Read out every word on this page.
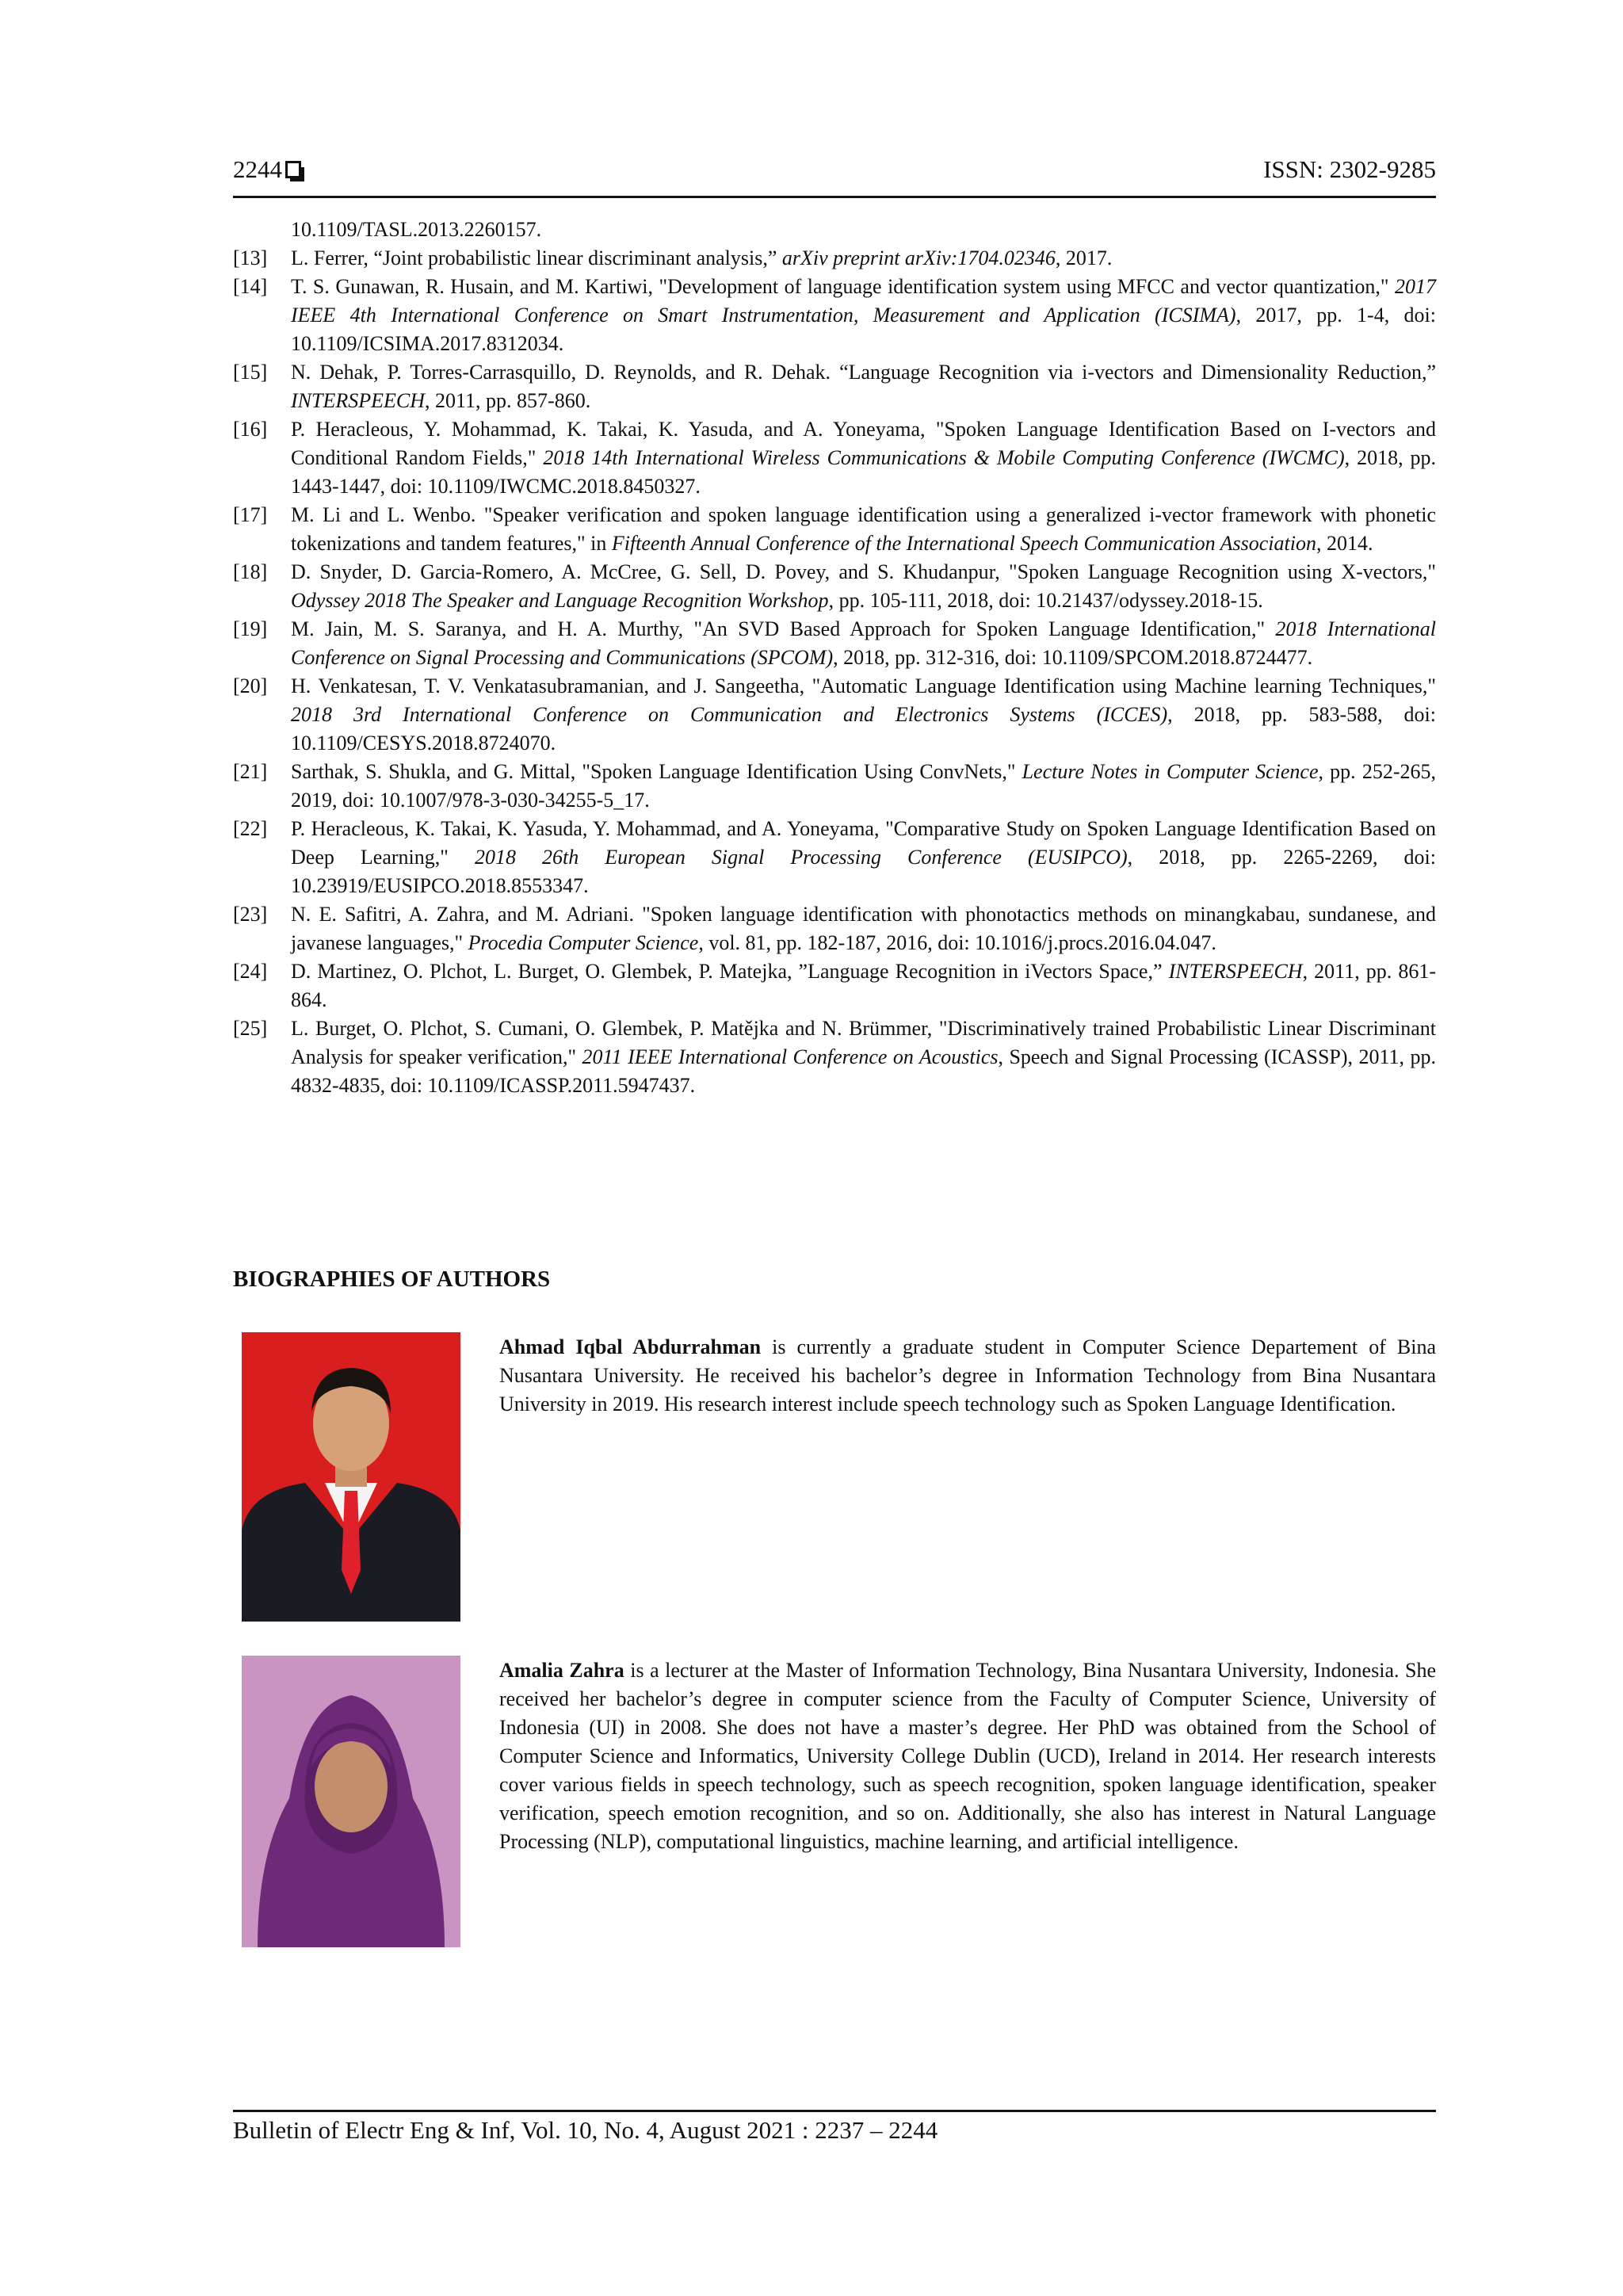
2244	ISSN: 2302-9285
10.1109/TASL.2013.2260157.
[13]	L. Ferrer, “Joint probabilistic linear discriminant analysis,” arXiv preprint arXiv:1704.02346, 2017.
[14]	T. S. Gunawan, R. Husain, and M. Kartiwi, "Development of language identification system using MFCC and vector quantization," 2017 IEEE 4th International Conference on Smart Instrumentation, Measurement and Application (ICSIMA), 2017, pp. 1-4, doi: 10.1109/ICSIMA.2017.8312034.
[15]	N. Dehak, P. Torres-Carrasquillo, D. Reynolds, and R. Dehak. “Language Recognition via i-vectors and Dimensionality Reduction,” INTERSPEECH, 2011, pp. 857-860.
[16]	P. Heracleous, Y. Mohammad, K. Takai, K. Yasuda, and A. Yoneyama, "Spoken Language Identification Based on I-vectors and Conditional Random Fields," 2018 14th International Wireless Communications & Mobile Computing Conference (IWCMC), 2018, pp. 1443-1447, doi: 10.1109/IWCMC.2018.8450327.
[17]	M. Li and L. Wenbo. "Speaker verification and spoken language identification using a generalized i-vector framework with phonetic tokenizations and tandem features," in Fifteenth Annual Conference of the International Speech Communication Association, 2014.
[18]	D. Snyder, D. Garcia-Romero, A. McCree, G. Sell, D. Povey, and S. Khudanpur, "Spoken Language Recognition using X-vectors," Odyssey 2018 The Speaker and Language Recognition Workshop, pp. 105-111, 2018, doi: 10.21437/odyssey.2018-15.
[19]	M. Jain, M. S. Saranya, and H. A. Murthy, "An SVD Based Approach for Spoken Language Identification," 2018 International Conference on Signal Processing and Communications (SPCOM), 2018, pp. 312-316, doi: 10.1109/SPCOM.2018.8724477.
[20]	H. Venkatesan, T. V. Venkatasubramanian, and J. Sangeetha, "Automatic Language Identification using Machine learning Techniques," 2018 3rd International Conference on Communication and Electronics Systems (ICCES), 2018, pp. 583-588, doi: 10.1109/CESYS.2018.8724070.
[21]	Sarthak, S. Shukla, and G. Mittal, "Spoken Language Identification Using ConvNets," Lecture Notes in Computer Science, pp. 252-265, 2019, doi: 10.1007/978-3-030-34255-5_17.
[22]	P. Heracleous, K. Takai, K. Yasuda, Y. Mohammad, and A. Yoneyama, "Comparative Study on Spoken Language Identification Based on Deep Learning," 2018 26th European Signal Processing Conference (EUSIPCO), 2018, pp. 2265-2269, doi: 10.23919/EUSIPCO.2018.8553347.
[23]	N. E. Safitri, A. Zahra, and M. Adriani. "Spoken language identification with phonotactics methods on minangkabau, sundanese, and javanese languages," Procedia Computer Science, vol. 81, pp. 182-187, 2016, doi: 10.1016/j.procs.2016.04.047.
[24]	D. Martinez, O. Plchot, L. Burget, O. Glembek, P. Matejka, ”Language Recognition in iVectors Space,” INTERSPEECH, 2011, pp. 861-864.
[25]	L. Burget, O. Plchot, S. Cumani, O. Glembek, P. Matějka and N. Brümmer, "Discriminatively trained Probabilistic Linear Discriminant Analysis for speaker verification," 2011 IEEE International Conference on Acoustics, Speech and Signal Processing (ICASSP), 2011, pp. 4832-4835, doi: 10.1109/ICASSP.2011.5947437.
BIOGRAPHIES OF AUTHORS
Ahmad Iqbal Abdurrahman is currently a graduate student in Computer Science Departement of Bina Nusantara University. He received his bachelor’s degree in Information Technology from Bina Nusantara University in 2019. His research interest include speech technology such as Spoken Language Identification.
Amalia Zahra is a lecturer at the Master of Information Technology, Bina Nusantara University, Indonesia. She received her bachelor’s degree in computer science from the Faculty of Computer Science, University of Indonesia (UI) in 2008. She does not have a master’s degree. Her PhD was obtained from the School of Computer Science and Informatics, University College Dublin (UCD), Ireland in 2014. Her research interests cover various fields in speech technology, such as speech recognition, spoken language identification, speaker verification, speech emotion recognition, and so on. Additionally, she also has interest in Natural Language Processing (NLP), computational linguistics, machine learning, and artificial intelligence.
Bulletin of Electr Eng & Inf, Vol. 10, No. 4, August 2021 : 2237 – 2244
